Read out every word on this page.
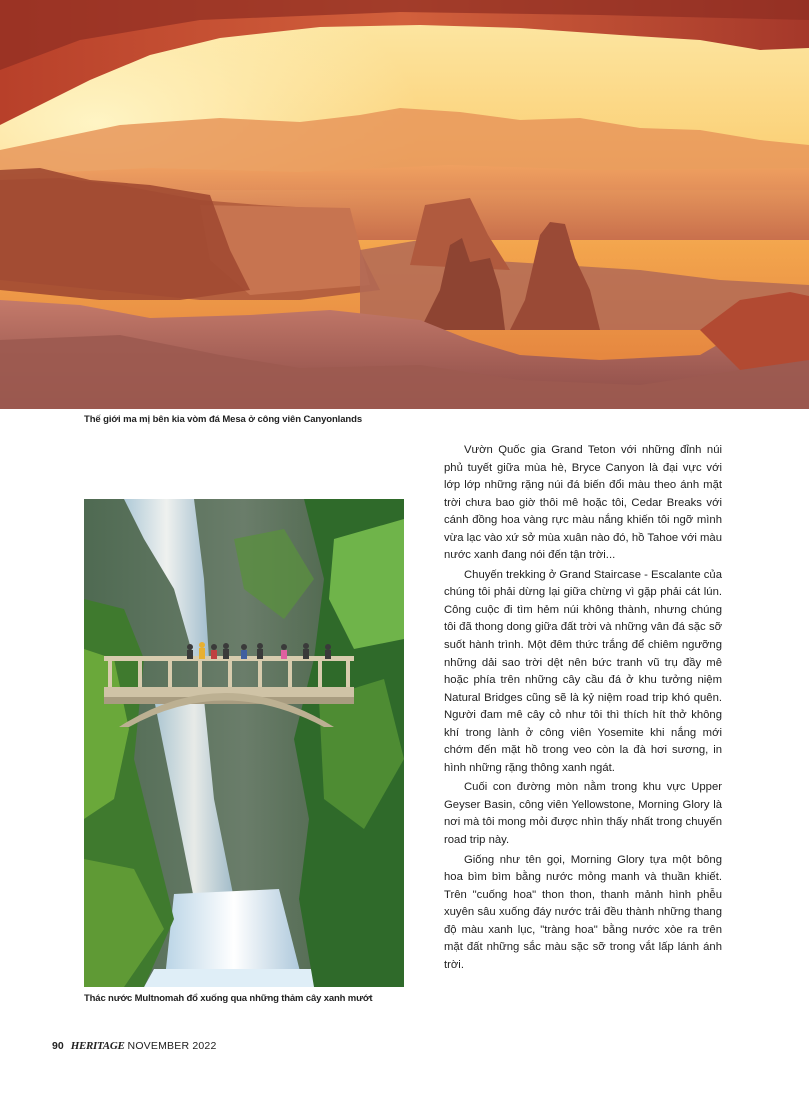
Thế giới ma mị bên kia vòm đá Mesa ở công viên Canyonlands
Thác nước Multnomah đổ xuống qua những thảm cây xanh mướt

Vườn Quốc gia Grand Teton với những đỉnh núi phủ tuyết giữa mùa hè, Bryce Canyon là đại vực với lớp lớp những rặng núi đá biến đổi màu theo ánh mặt trời chưa bao giờ thôi mê hoặc tôi, Cedar Breaks với cánh đồng hoa vàng rực màu nắng khiến tôi ngỡ mình vừa lạc vào xứ sở mùa xuân nào đó, hồ Tahoe với màu nước xanh đang nói đến tận trời...

Chuyến trekking ở Grand Staircase - Escalante của chúng tôi phải dừng lại giữa chừng vì gặp phải cát lún. Công cuộc đi tìm hẻm núi không thành, nhưng chúng tôi đã thong dong giữa đất trời và những vân đá sặc sỡ suốt hành trình. Một đêm thức trắng để chiêm ngưỡng những dải sao trời dệt nên bức tranh vũ trụ đầy mê hoặc phía trên những cây cầu đá ở khu tưởng niệm Natural Bridges cũng sẽ là kỷ niệm road trip khó quên. Người đam mê cây cỏ như tôi thì thích hít thở không khí trong lành ở công viên Yosemite khi nắng mới chớm đến mặt hồ trong veo còn la đà hơi sương, in hình những rặng thông xanh ngát.

Cuối con đường mòn nằm trong khu vực Upper Geyser Basin, công viên Yellowstone, Morning Glory là nơi mà tôi mong mỏi được nhìn thấy nhất trong chuyến road trip này.

Giống như tên gọi, Morning Glory tựa một bông hoa bìm bìm bằng nước mỏng manh và thuần khiết. Trên "cuống hoa" thon thon, thanh mảnh hình phễu xuyên sâu xuống đáy nước trải đều thành những thang độ màu xanh lục, "tràng hoa" bằng nước xòe ra trên mặt đất những sắc màu sặc sỡ trong vắt lấp lánh ánh trời.

90 HERITAGE NOVEMBER 2022
